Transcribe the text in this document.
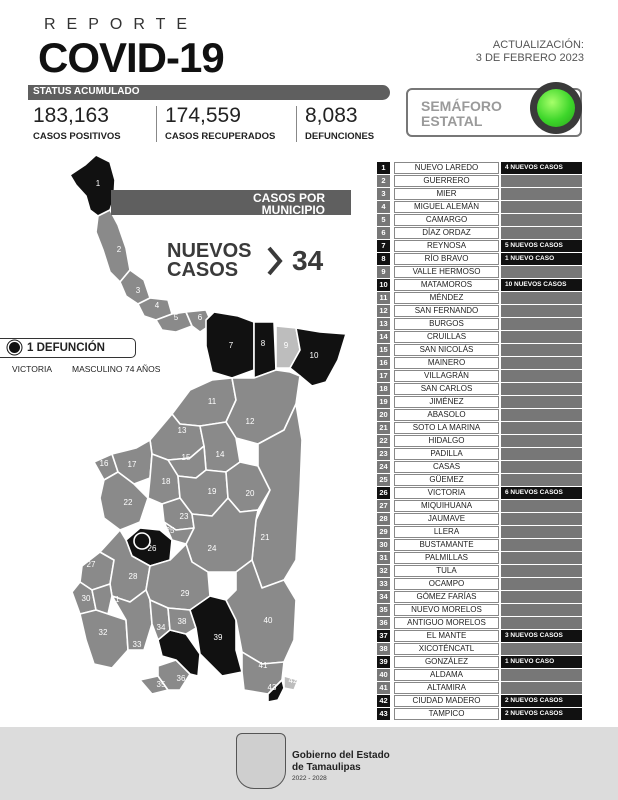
REPORTE
COVID-19	ACTUALIZACIÓN:
3 DE FEBRERO 2023
STATUS ACUMULADO
183,163
CASOS POSITIVOS
174,559
CASOS RECUPERADOS
8,083
DEFUNCIONES
SEMÁFORO
ESTATAL
1
2
3
4
5 6
7	8 9
10
11
12
13
14
15
16 17
18
19	20
21
22
23
24
25
26
27
28
29
30	31
32
33
34
35
36 37
38
39
40
41
42
43
CASOS POR
MUNICIPIO
NUEVOS
CASOS	34
1 DEFUNCIÓN
VICTORIA MASCULINO 74 AÑOS
1	NUEVO LAREDO	4 NUEVOS CASOS
2	GUERRERO
3	MIER
4	MIGUEL ALEMÁN
5	CAMARGO
6	DÍAZ ORDAZ
7	REYNOSA	5 NUEVOS CASOS
8	RÍO BRAVO	1 NUEVO CASO
9	VALLE HERMOSO
10	MATAMOROS	10 NUEVOS CASOS
11	MÉNDEZ
12	SAN FERNANDO
13	BURGOS
14	CRUILLAS
15	SAN NICOLÁS
16	MAINERO
17	VILLAGRÁN
18	SAN CARLOS
19	JIMÉNEZ
20	ABASOLO
21	SOTO LA MARINA
22	HIDALGO
23	PADILLA
24	CASAS
25	GÜEMEZ
26	VICTORIA	6 NUEVOS CASOS
27	MIQUIHUANA
28	JAUMAVE
29	LLERA
30	BUSTAMANTE
31	PALMILLAS
32	TULA
33	OCAMPO
34	GÓMEZ FARÍAS
35	NUEVO MORELOS
36	ANTIGUO MORELOS
37	EL MANTE	3 NUEVOS CASOS
38	XICOTÉNCATL
39	GONZÁLEZ	1 NUEVO CASO
40	ALDAMA
41	ALTAMIRA
42	CIUDAD MADERO	2 NUEVOS CASOS
43	TAMPICO	2 NUEVOS CASOS
Gobierno del Estado
de Tamaulipas
2022 - 2028
